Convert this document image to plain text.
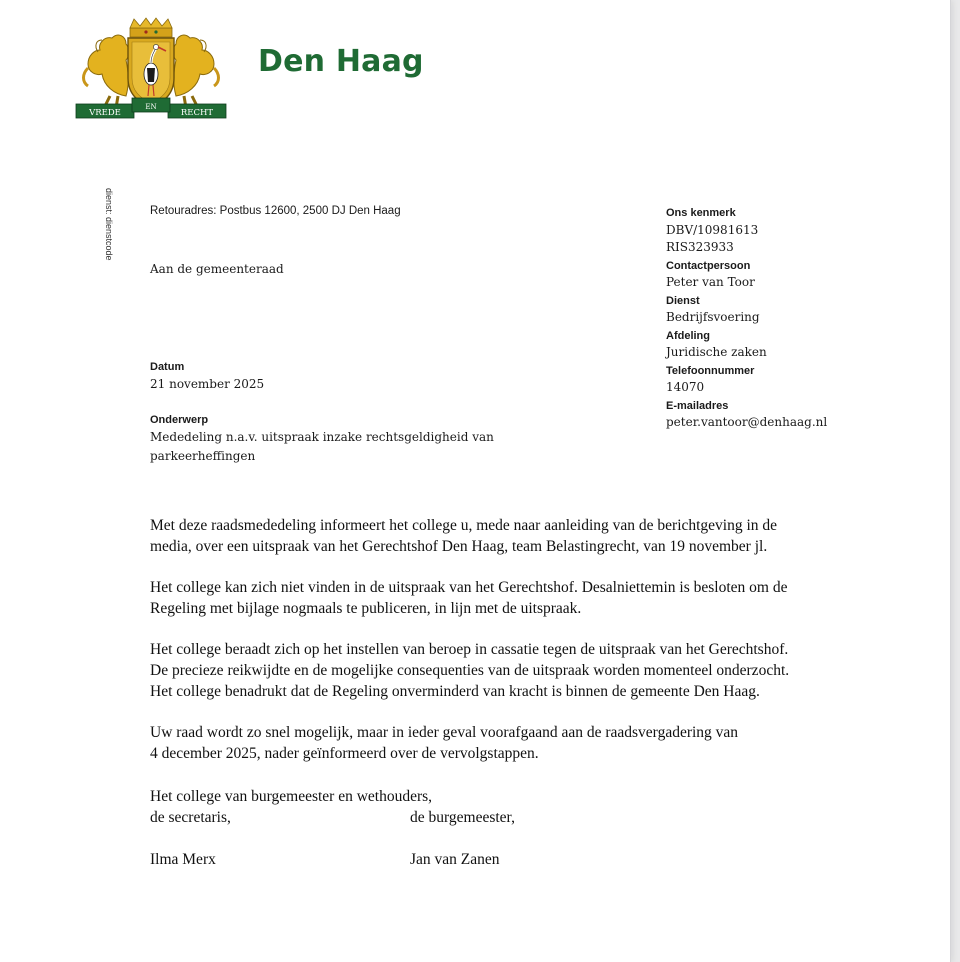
VREDE
EN
RECHT
Den Haag
dienst: dienstcode	Retouradres: Postbus 12600, 2500 DJ Den Haag
Aan de gemeenteraad
Datum
21 november 2025
Onderwerp
Mededeling n.a.v. uitspraak inzake rechtsgeldigheid van parkeerheffingen
Ons kenmerk
DBV/10981613
RIS323933
Contactpersoon
Peter van Toor
Dienst
Bedrijfsvoering
Afdeling
Juridische zaken
Telefoonnummer
14070
E-mailadres
peter.vantoor@denhaag.nl

Met deze raadsmededeling informeert het college u, mede naar aanleiding van de berichtgeving in de
media, over een uitspraak van het Gerechtshof Den Haag, team Belastingrecht, van 19 november jl.

Het college kan zich niet vinden in de uitspraak van het Gerechtshof. Desalniettemin is besloten om de
Regeling met bijlage nogmaals te publiceren, in lijn met de uitspraak.

Het college beraadt zich op het instellen van beroep in cassatie tegen de uitspraak van het Gerechtshof.
De precieze reikwijdte en de mogelijke consequenties van de uitspraak worden momenteel onderzocht.
Het college benadrukt dat de Regeling onverminderd van kracht is binnen de gemeente Den Haag.

Uw raad wordt zo snel mogelijk, maar in ieder geval voorafgaand aan de raadsvergadering van
4 december 2025, nader geïnformeerd over de vervolgstappen.

Het college van burgemeester en wethouders,
de secretaris,	de burgemeester,
Ilma Merx	Jan van Zanen
